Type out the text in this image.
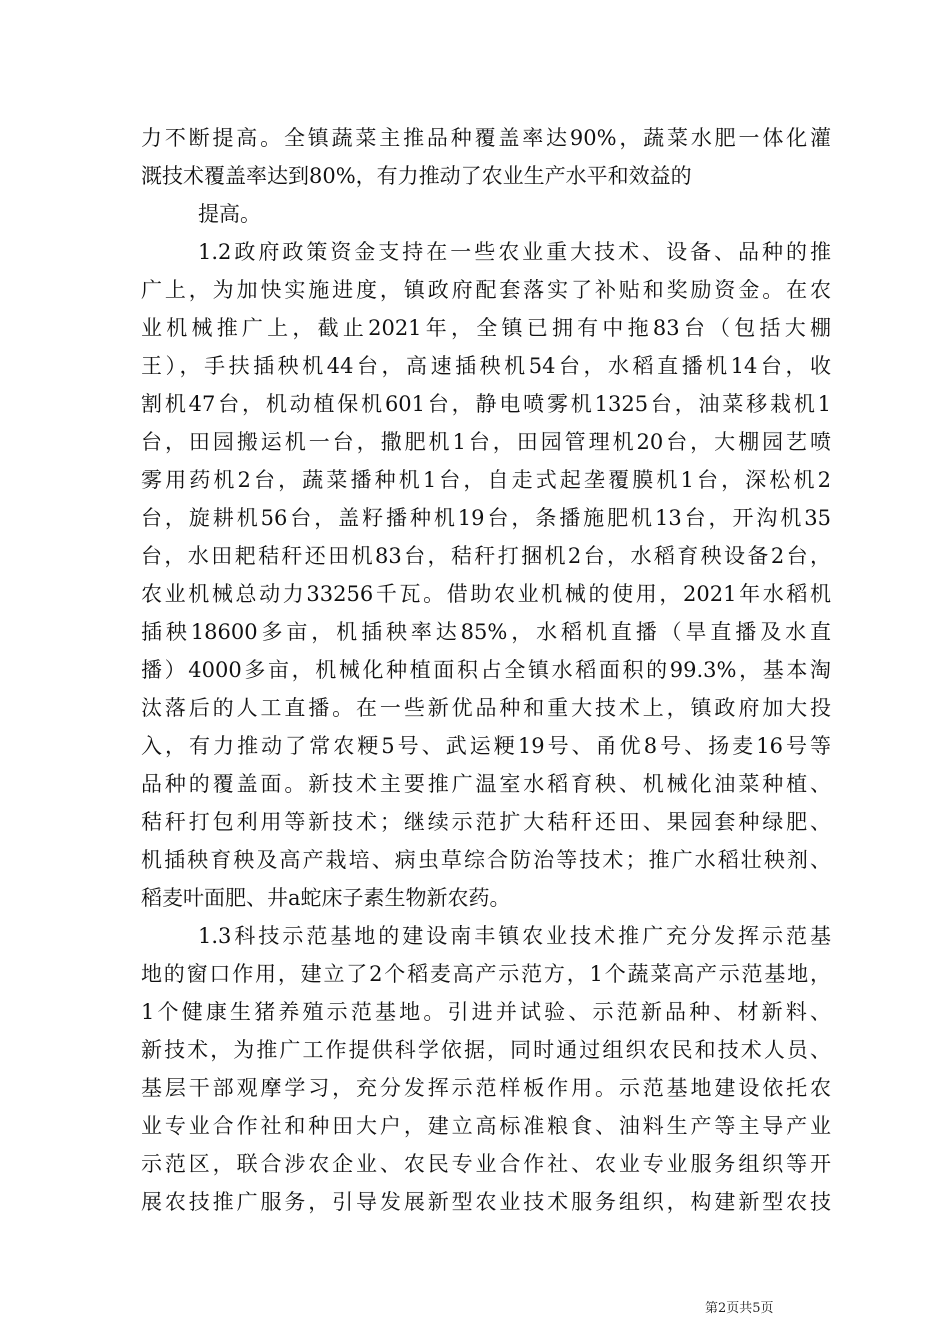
力不断提高。全镇蔬菜主推品种覆盖率达90%，蔬菜水肥一体化灌
溉技术覆盖率达到80%，有力推动了农业生产水平和效益的
提高。
1.2政府政策资金支持在一些农业重大技术、设备、品种的推
广上，为加快实施进度，镇政府配套落实了补贴和奖励资金。在农
业机械推广上，截止2021年，全镇已拥有中拖83台（包括大棚
王），手扶插秧机44台，高速插秧机54台，水稻直播机14台，收
割机47台，机动植保机601台，静电喷雾机1325台，油菜移栽机1
台，田园搬运机一台，撒肥机1台，田园管理机20台，大棚园艺喷
雾用药机2台，蔬菜播种机1台，自走式起垄覆膜机1台，深松机2
台，旋耕机56台，盖籽播种机19台，条播施肥机13台，开沟机35
台，水田耙秸秆还田机83台，秸秆打捆机2台，水稻育秧设备2台，
农业机械总动力33256千瓦。借助农业机械的使用，2021年水稻机
插秧18600多亩，机插秧率达85%，水稻机直播（旱直播及水直
播）4000多亩，机械化种植面积占全镇水稻面积的99.3%，基本淘
汰落后的人工直播。在一些新优品种和重大技术上，镇政府加大投
入，有力推动了常农粳5号、武运粳19号、甬优8号、扬麦16号等
品种的覆盖面。新技术主要推广温室水稻育秧、机械化油菜种植、
秸秆打包利用等新技术；继续示范扩大秸秆还田、果园套种绿肥、
机插秧育秧及高产栽培、病虫草综合防治等技术；推广水稻壮秧剂、
稻麦叶面肥、井a蛇床子素生物新农药。
1.3科技示范基地的建设南丰镇农业技术推广充分发挥示范基
地的窗口作用，建立了2个稻麦高产示范方，1个蔬菜高产示范基地，
1个健康生猪养殖示范基地。引进并试验、示范新品种、材新料、
新技术，为推广工作提供科学依据，同时通过组织农民和技术人员、
基层干部观摩学习，充分发挥示范样板作用。示范基地建设依托农
业专业合作社和种田大户，建立高标准粮食、油料生产等主导产业
示范区，联合涉农企业、农民专业合作社、农业专业服务组织等开
展农技推广服务，引导发展新型农业技术服务组织，构建新型农技
第2页共5页
